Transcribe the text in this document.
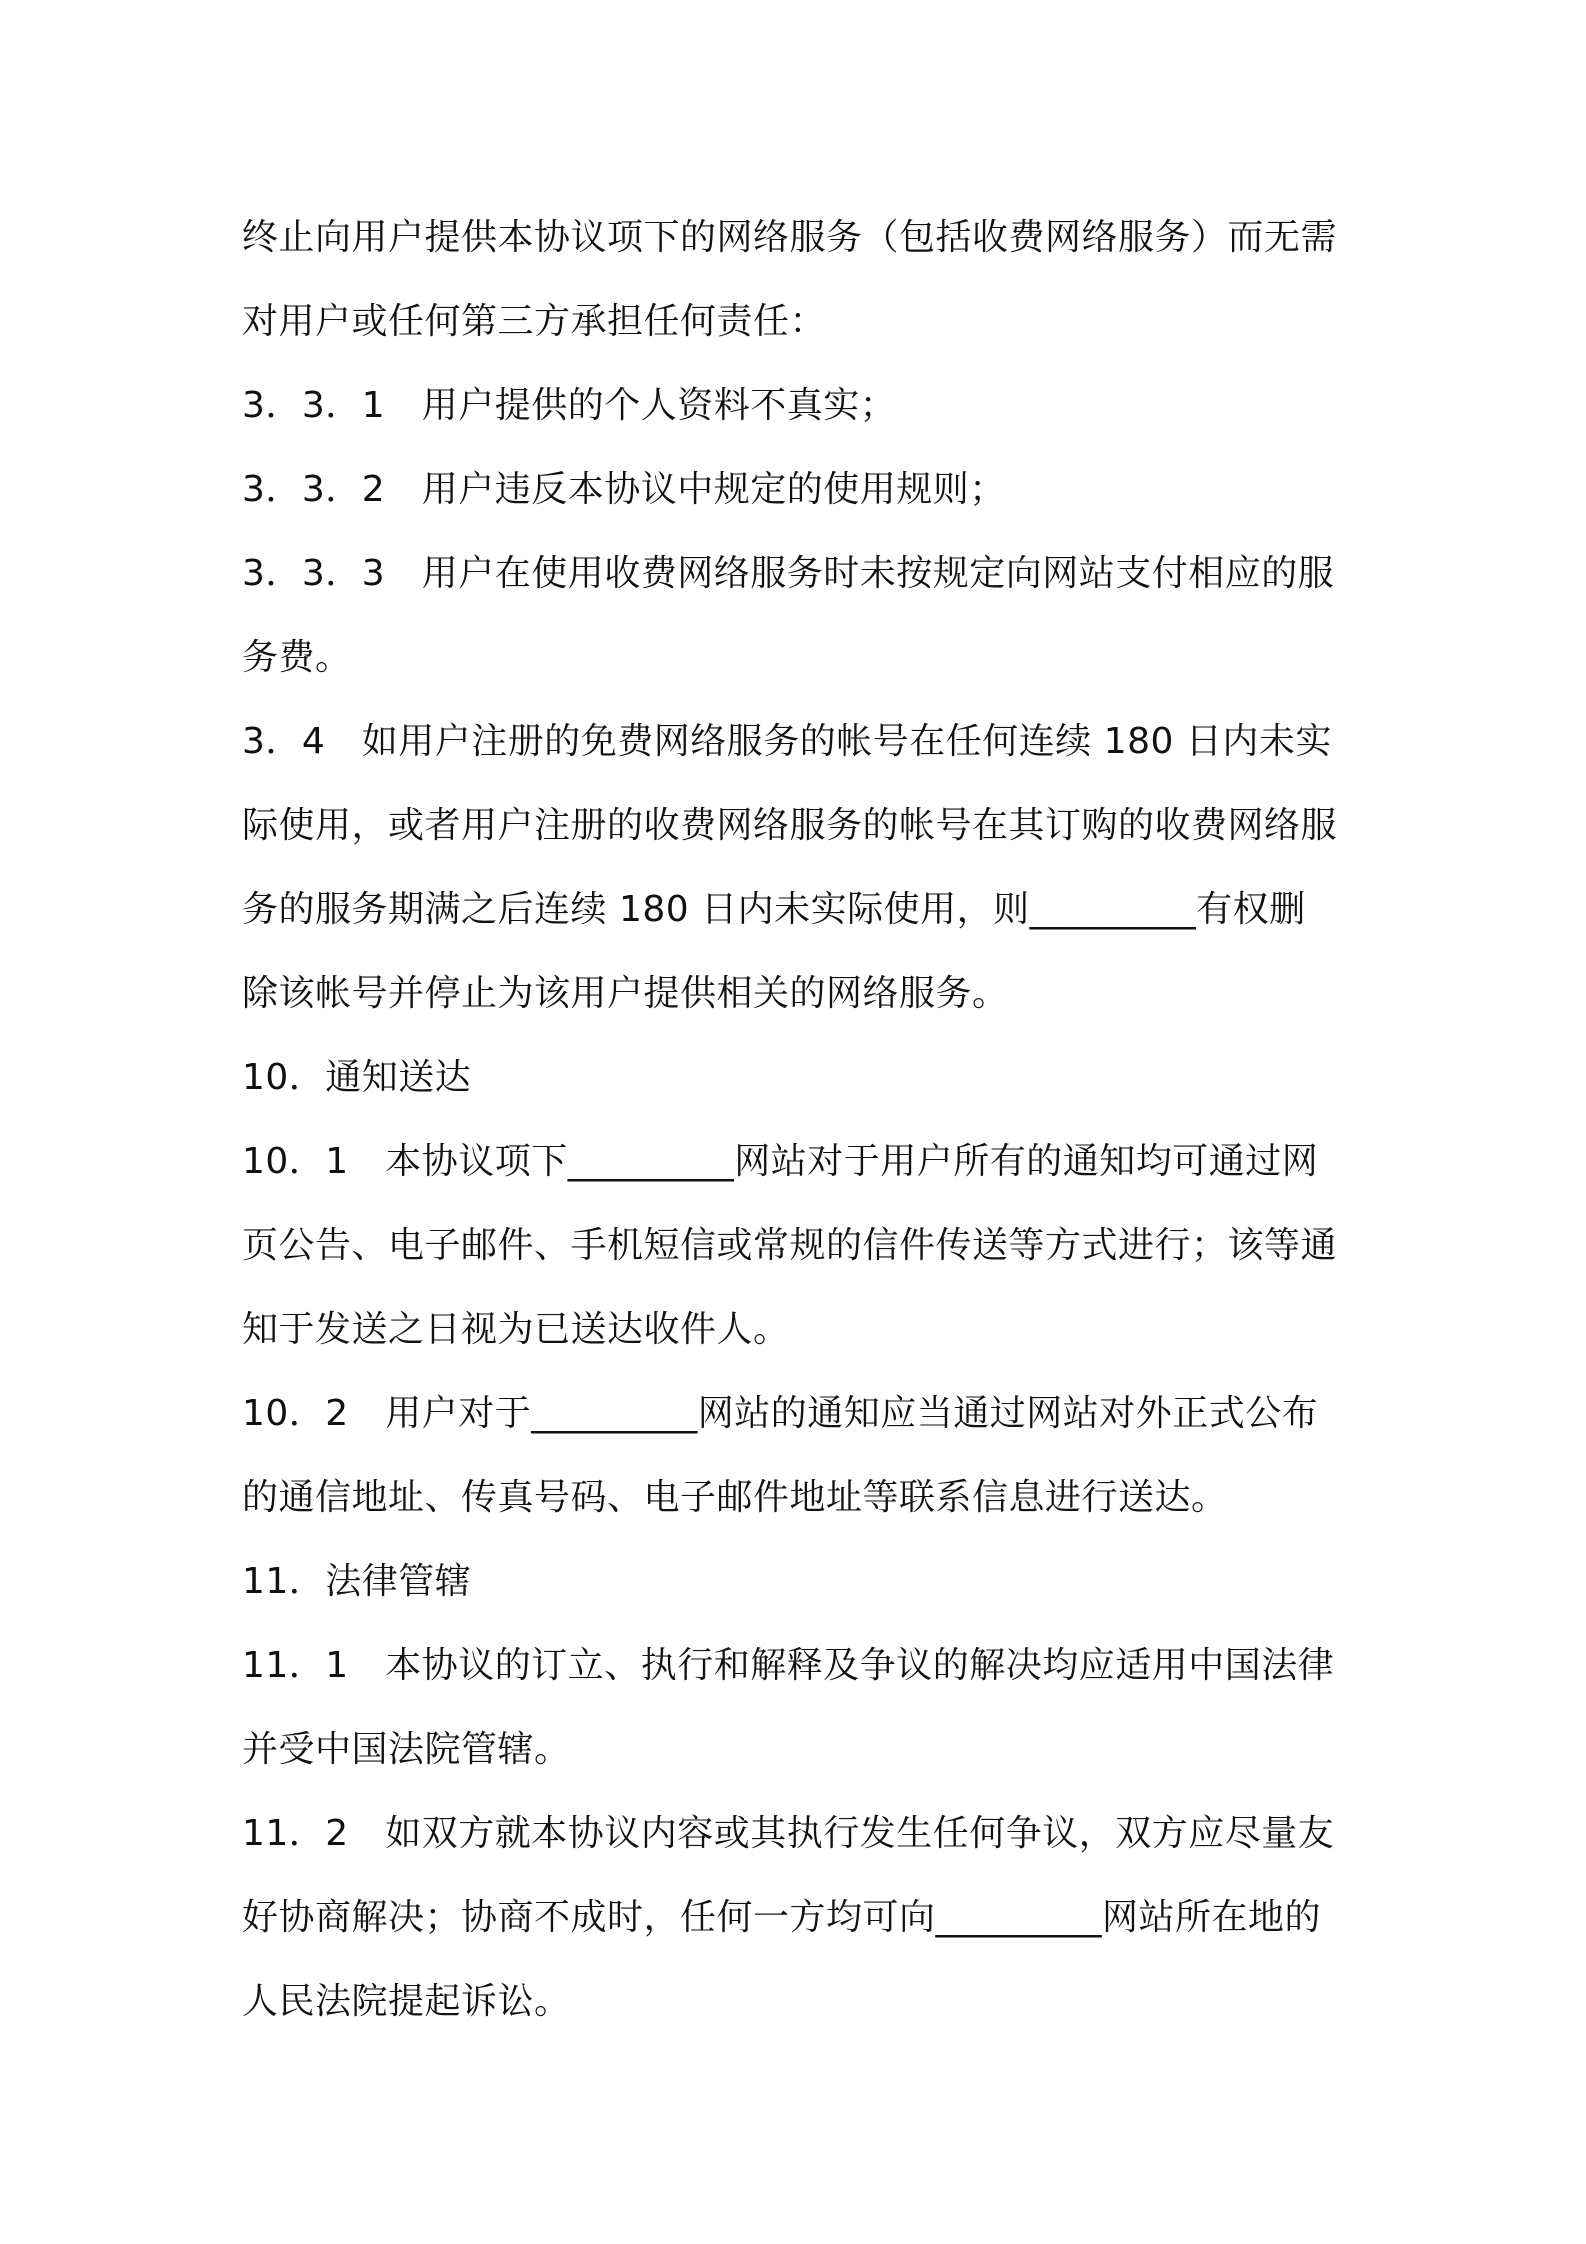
终止向用户提供本协议项下的网络服务（包括收费网络服务）而无需
对用户或任何第三方承担任何责任：
3．3．1　用户提供的个人资料不真实；
3．3．2　用户违反本协议中规定的使用规则；
3．3．3　用户在使用收费网络服务时未按规定向网站支付相应的服
务费。
3．4　如用户注册的免费网络服务的帐号在任何连续 180 日内未实
际使用，或者用户注册的收费网络服务的帐号在其订购的收费网络服
务的服务期满之后连续 180 日内未实际使用，则_________有权删
除该帐号并停止为该用户提供相关的网络服务。
10．通知送达
10．1　本协议项下_________网站对于用户所有的通知均可通过网
页公告、电子邮件、手机短信或常规的信件传送等方式进行；该等通
知于发送之日视为已送达收件人。
10．2　用户对于_________网站的通知应当通过网站对外正式公布
的通信地址、传真号码、电子邮件地址等联系信息进行送达。
11．法律管辖
11．1　本协议的订立、执行和解释及争议的解决均应适用中国法律
并受中国法院管辖。
11．2　如双方就本协议内容或其执行发生任何争议，双方应尽量友
好协商解决；协商不成时，任何一方均可向_________网站所在地的
人民法院提起诉讼。
